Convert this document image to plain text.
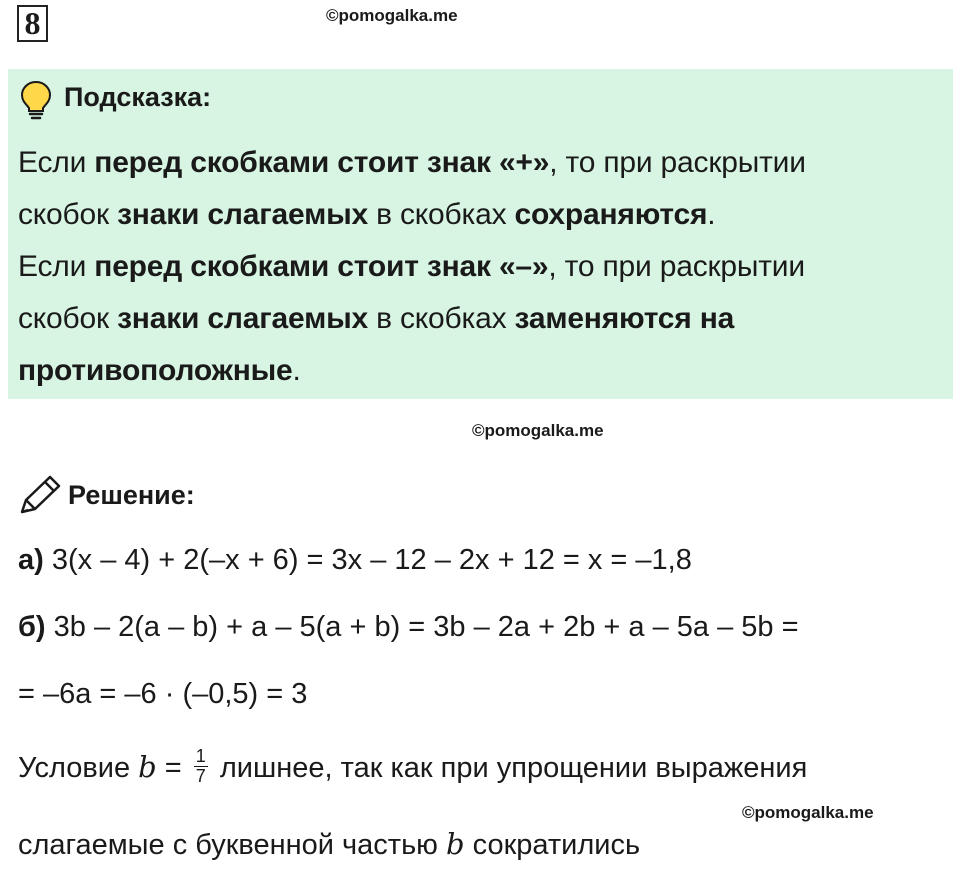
8	©pomogalka.me
©pomogalka.me
©pomogalka.me
Подсказка:
Если перед скобками стоит знак «+», то при раскрытии
скобок знаки слагаемых в скобках сохраняются.
Если перед скобками стоит знак «–», то при раскрытии
скобок знаки слагаемых в скобках заменяются на
противоположные.
Решение:
а) 3(x – 4) + 2(–x + 6) = 3x – 12 – 2x + 12 = x = –1,8
б) 3b – 2(a – b) + a – 5(a + b) = 3b – 2a + 2b + a – 5a – 5b =
= –6a = –6 · (–0,5) = 3
Условие $b = \frac{1}{7}$ лишнее, так как при упрощении выражения
слагаемые с буквенной частью b сократились
